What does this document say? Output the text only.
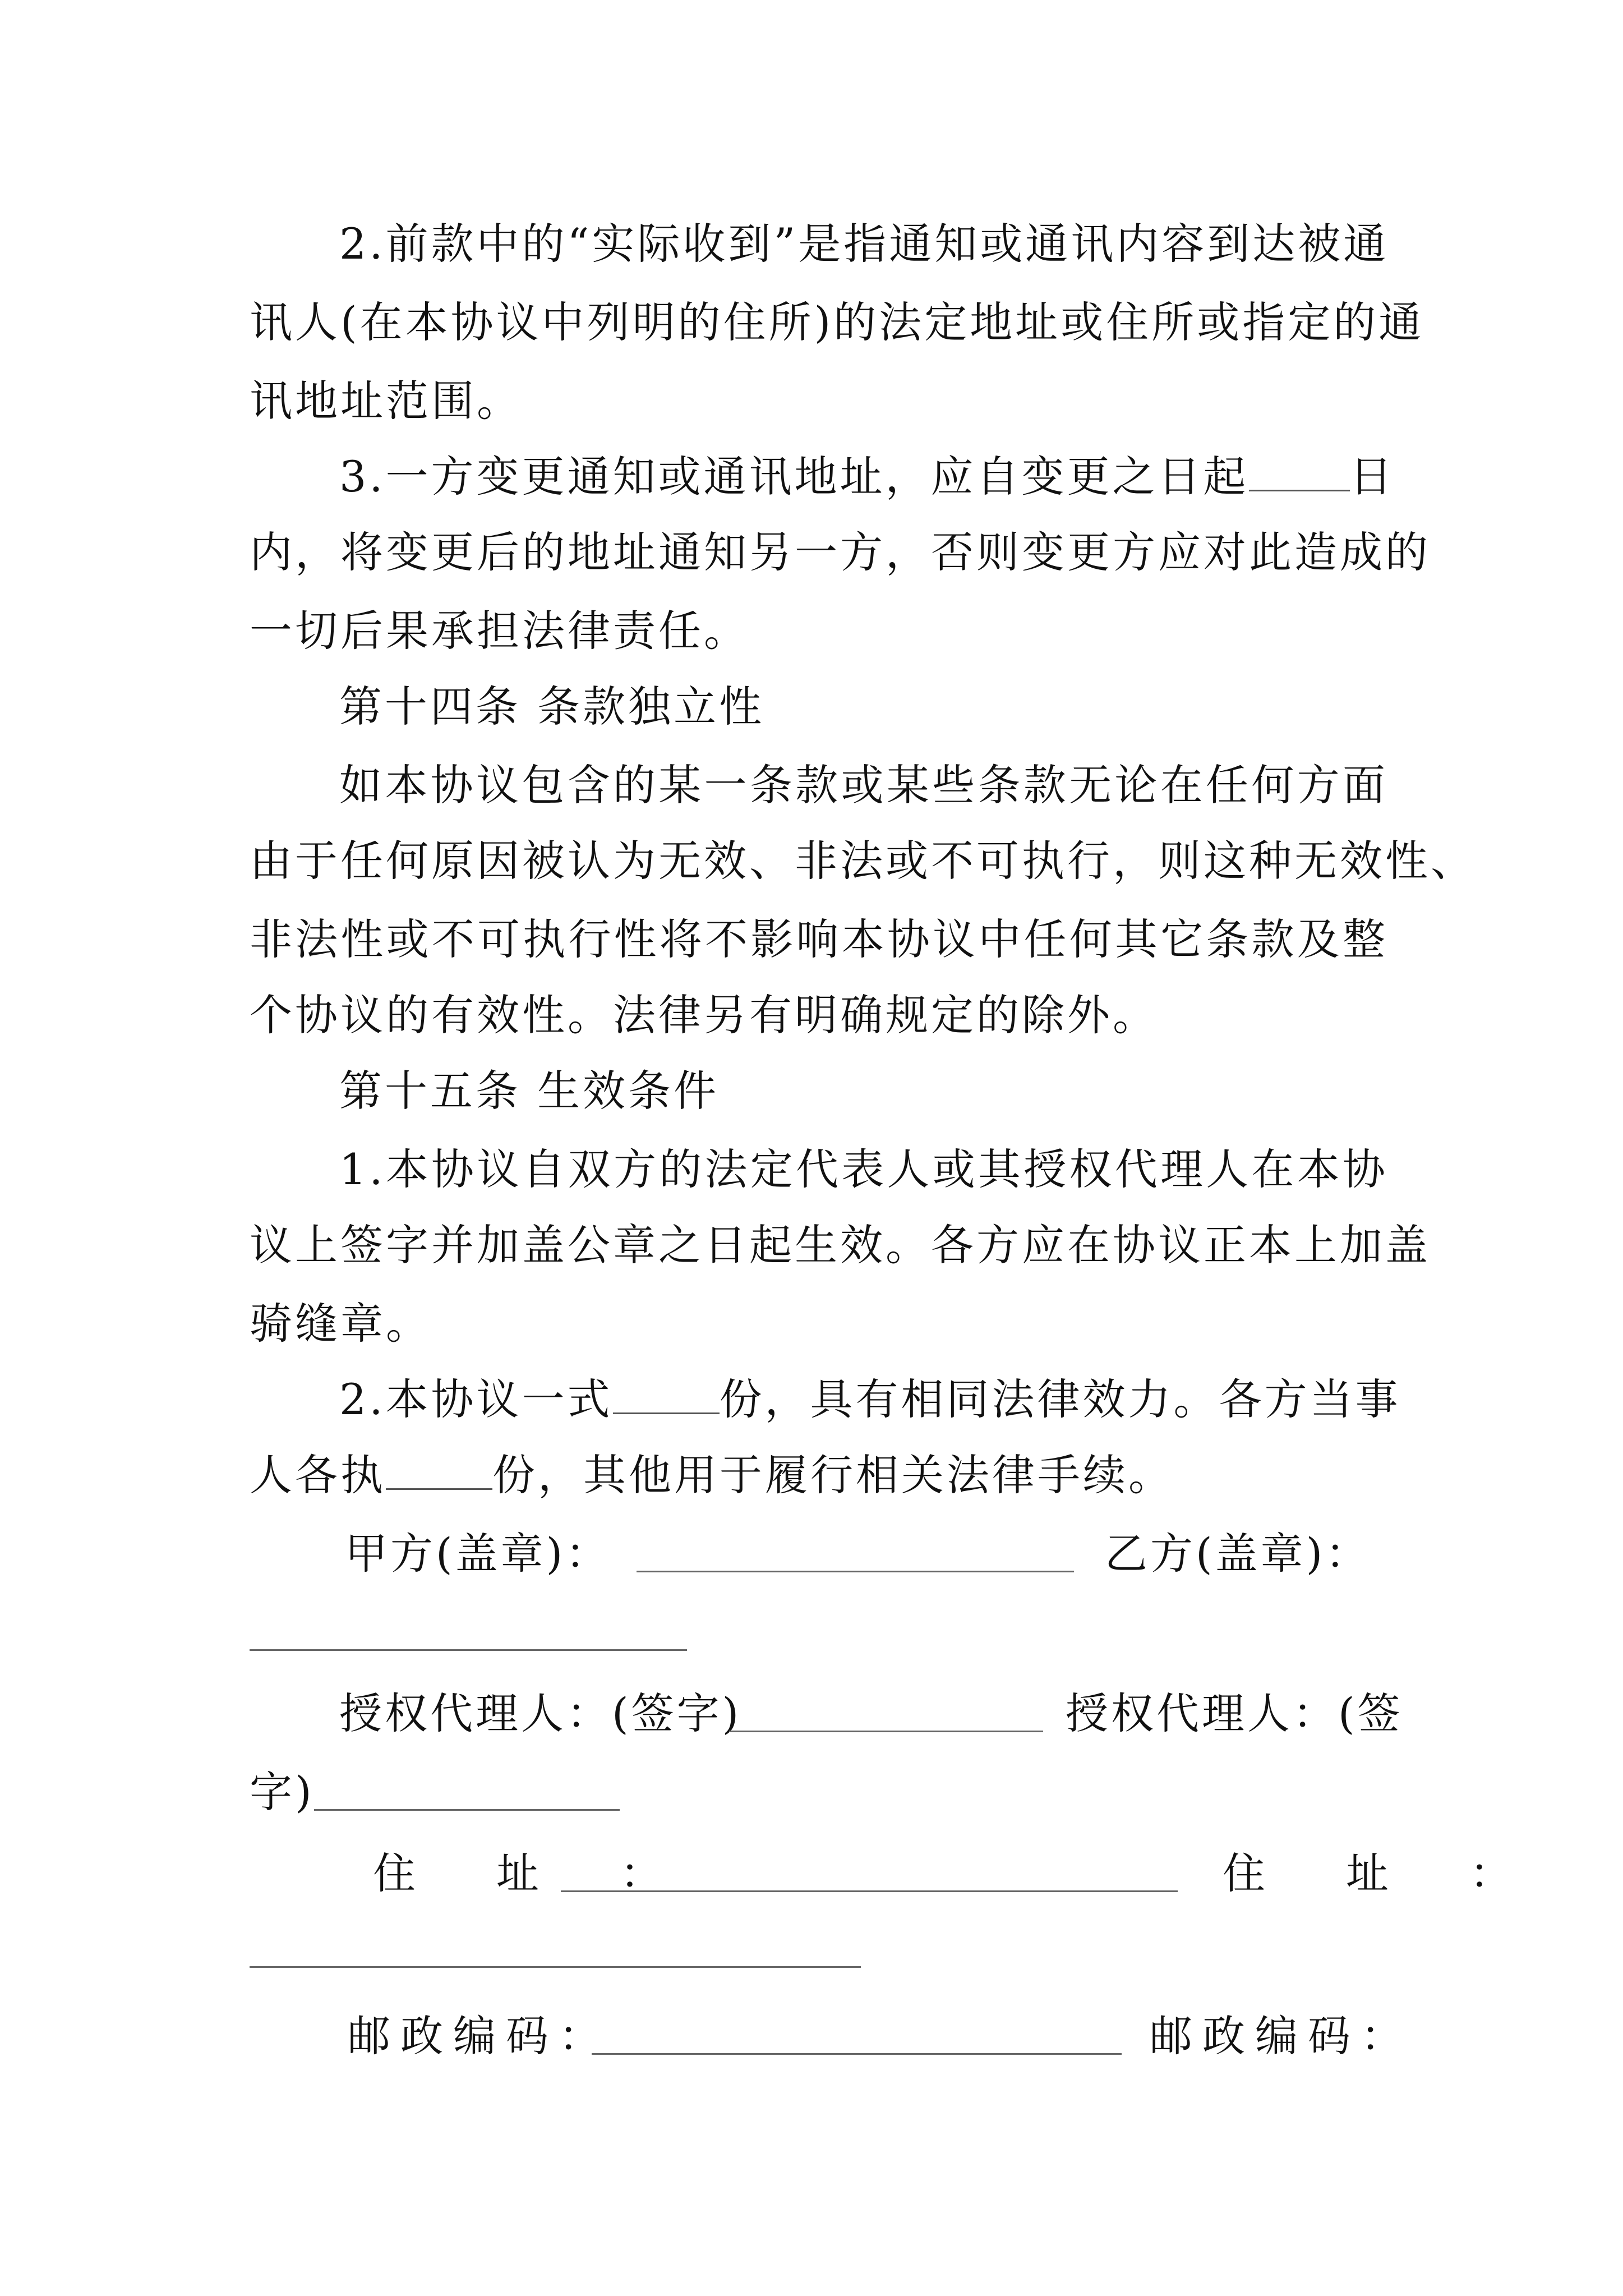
2.前款中的“实际收到”是指通知或通讯内容到达被通
讯人(在本协议中列明的住所)的法定地址或住所或指定的通
讯地址范围。
3.一方变更通知或通讯地址，应自变更之日起 日
内，将变更后的地址通知另一方，否则变更方应对此造成的
一切后果承担法律责任。
第十四条 条款独立性
如本协议包含的某一条款或某些条款无论在任何方面
由于任何原因被认为无效、非法或不可执行，则这种无效性、
非法性或不可执行性将不影响本协议中任何其它条款及整
个协议的有效性。法律另有明确规定的除外。
第十五条 生效条件
1.本协议自双方的法定代表人或其授权代理人在本协
议上签字并加盖公章之日起生效。各方应在协议正本上加盖
骑缝章。
2.本协议一式	份，具有相同法律效力。各方当事
人各执	份，其他用于履行相关法律手续。
甲方(盖章)：	乙方(盖章)：
授权代理人：(签字)	授权代理人：(签
字)
住 址 ：	住 址 ：
邮政编码：	邮政编码：
